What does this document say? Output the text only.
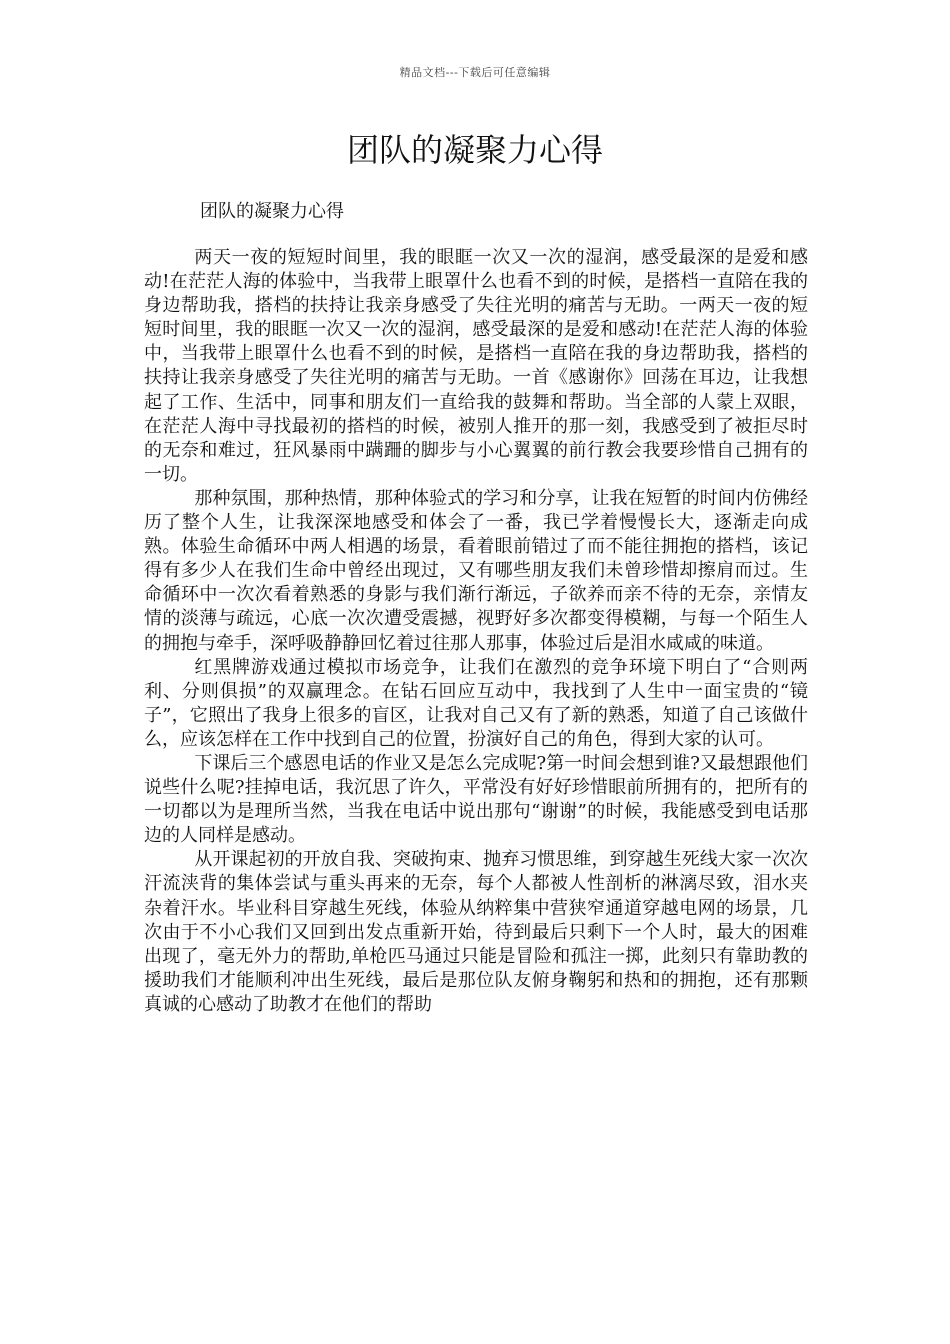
精品文档---下载后可任意编辑
团队的凝聚力心得

团队的凝聚力心得

两天一夜的短短时间里，我的眼眶一次又一次的湿润，感受最深的是爱和感动!在茫茫人海的体验中，当我带上眼罩什么也看不到的时候，是搭档一直陪在我的身边帮助我，搭档的扶持让我亲身感受了失往光明的痛苦与无助。一两天一夜的短短时间里，我的眼眶一次又一次的湿润，感受最深的是爱和感动!在茫茫人海的体验中，当我带上眼罩什么也看不到的时候，是搭档一直陪在我的身边帮助我，搭档的扶持让我亲身感受了失往光明的痛苦与无助。一首《感谢你》回荡在耳边，让我想起了工作、生活中，同事和朋友们一直给我的鼓舞和帮助。当全部的人蒙上双眼，在茫茫人海中寻找最初的搭档的时候，被别人推开的那一刻，我感受到了被拒尽时的无奈和难过，狂风暴雨中蹒跚的脚步与小心翼翼的前行教会我要珍惜自己拥有的一切。

那种氛围，那种热情，那种体验式的学习和分享，让我在短暂的时间内仿佛经历了整个人生，让我深深地感受和体会了一番，我已学着慢慢长大，逐渐走向成熟。体验生命循环中两人相遇的场景，看着眼前错过了而不能往拥抱的搭档，该记得有多少人在我们生命中曾经出现过，又有哪些朋友我们未曾珍惜却擦肩而过。生命循环中一次次看着熟悉的身影与我们渐行渐远，子欲养而亲不待的无奈，亲情友情的淡薄与疏远，心底一次次遭受震撼，视野好多次都变得模糊，与每一个陌生人的拥抱与牵手，深呼吸静静回忆着过往那人那事，体验过后是泪水咸咸的味道。

红黑牌游戏通过模拟市场竞争，让我们在激烈的竞争环境下明白了“合则两利、分则俱损”的双赢理念。在钻石回应互动中，我找到了人生中一面宝贵的“镜子”，它照出了我身上很多的盲区，让我对自己又有了新的熟悉，知道了自己该做什么，应该怎样在工作中找到自己的位置，扮演好自己的角色，得到大家的认可。

下课后三个感恩电话的作业又是怎么完成呢?第一时间会想到谁?又最想跟他们说些什么呢?挂掉电话，我沉思了许久，平常没有好好珍惜眼前所拥有的，把所有的一切都以为是理所当然，当我在电话中说出那句“谢谢”的时候，我能感受到电话那边的人同样是感动。

从开课起初的开放自我、突破拘束、抛弃习惯思维，到穿越生死线大家一次次汗流浃背的集体尝试与重头再来的无奈，每个人都被人性剖析的淋漓尽致，泪水夹杂着汗水。毕业科目穿越生死线，体验从纳粹集中营狭窄通道穿越电网的场景，几次由于不小心我们又回到出发点重新开始，待到最后只剩下一个人时，最大的困难出现了，毫无外力的帮助,单枪匹马通过只能是冒险和孤注一掷，此刻只有靠助教的援助我们才能顺利冲出生死线，最后是那位队友俯身鞠躬和热和的拥抱，还有那颗真诚的心感动了助教才在他们的帮助
